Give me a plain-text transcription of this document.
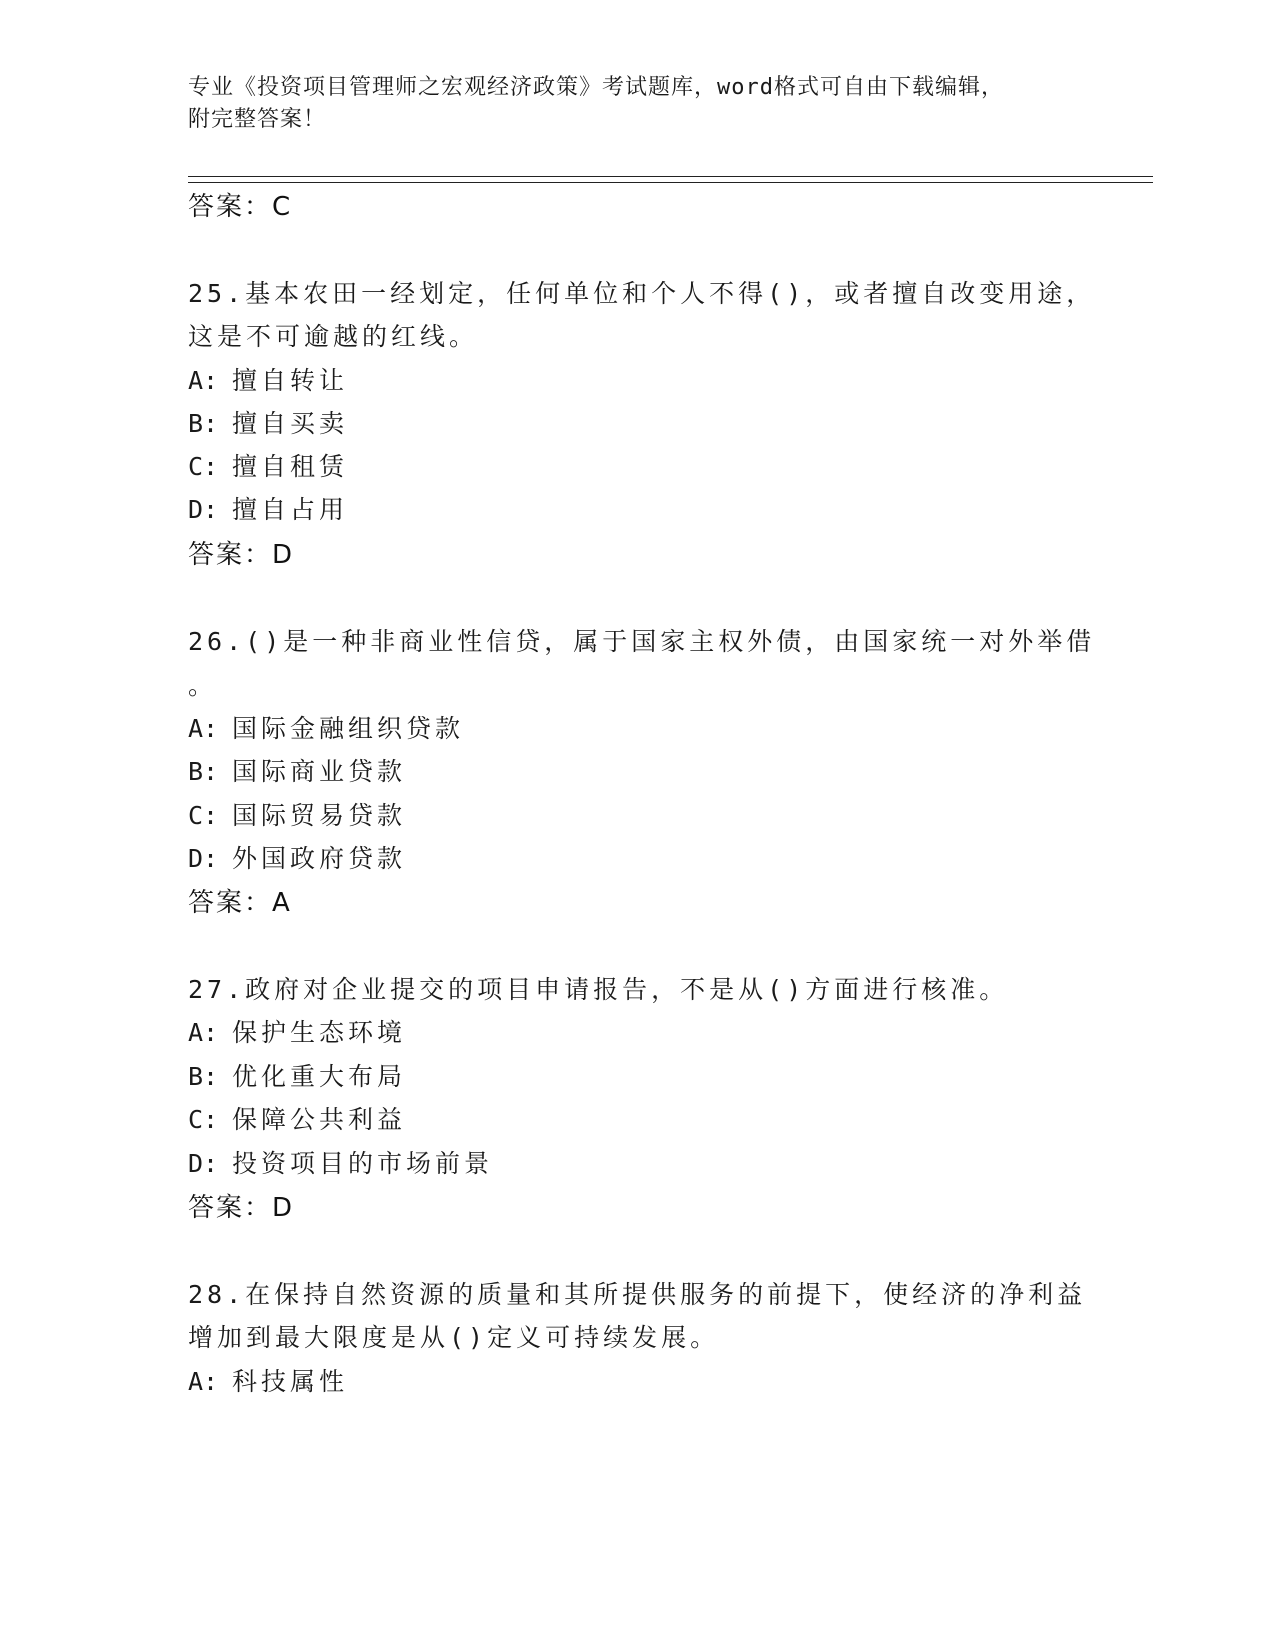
专业《投资项目管理师之宏观经济政策》考试题库，word格式可自由下载编辑，
附完整答案！
答案：C
25.基本农田一经划定，任何单位和个人不得()，或者擅自改变用途，
这是不可逾越的红线。
A: 擅自转让
B: 擅自买卖
C: 擅自租赁
D: 擅自占用
答案：D
26.()是一种非商业性信贷，属于国家主权外债，由国家统一对外举借
。
A: 国际金融组织贷款
B: 国际商业贷款
C: 国际贸易贷款
D: 外国政府贷款
答案：A
27.政府对企业提交的项目申请报告，不是从()方面进行核准。
A: 保护生态环境
B: 优化重大布局
C: 保障公共利益
D: 投资项目的市场前景
答案：D
28.在保持自然资源的质量和其所提供服务的前提下，使经济的净利益
增加到最大限度是从()定义可持续发展。
A: 科技属性
